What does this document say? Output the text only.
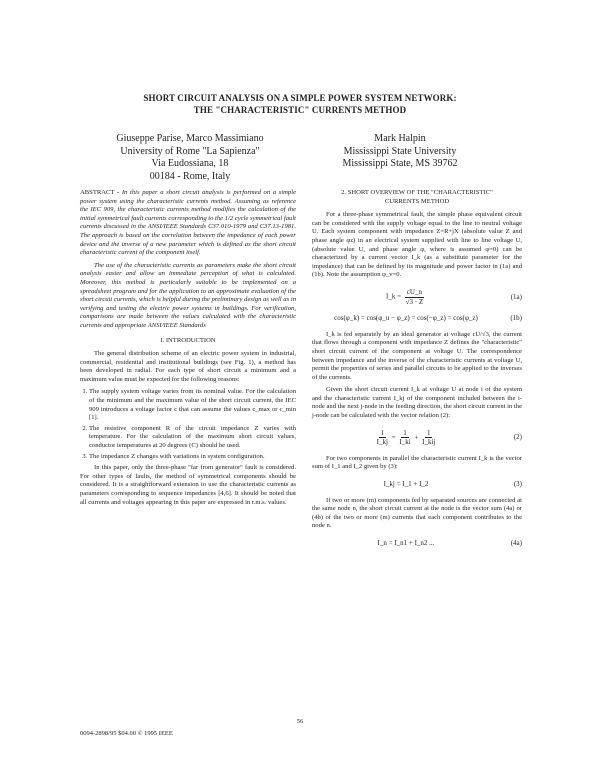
SHORT CIRCUIT ANALYSIS ON A SIMPLE POWER SYSTEM NETWORK:
THE "CHARACTERISTIC" CURRENTS METHOD
Giuseppe Parise, Marco Massimiano
University of Rome "La Sapienza"
Via Eudossiana, 18
00184 - Rome, Italy
Mark Halpin
Mississippi State University
Mississippi State, MS 39762

ABSTRACT - In this paper a short circuit analysis is performed on a simple power system using the characteristic currents method. Assuming as reference the IEC 909, the characteristic currents method modifies the calculation of the initial symmetrical fault currents corresponding to the 1/2 cycle symmetrical fault currents discussed in the ANSI/IEEE Standards C37.010-1979 and C37.13-1981. The approach is based on the correlation between the impedance of each power device and the inverse of a new parameter which is defined as the short circuit characteristic current of the component itself.

The use of the characteristic currents as parameters make the short circuit analysis easier and allow an immediate perception of what is calculated. Moreover, this method is particularly suitable to be implemented on a spreadsheet program and for the application to an approximate evaluation of the short circuit currents, which is helpful during the preliminary design as well as in verifying and testing the electric power systems in buildings. For verification, comparisons are made between the values calculated with the characteristic currents and appropriate ANSI/IEEE Standards

I. INTRODUCTION

The general distribution scheme of an electric power system in industrial, commercial, residential and institutional buildings (see Fig. 1), a method has been developed in radial. For each type of short circuit a minimum and a maximum value must be expected for the following reasons:

1. The supply system voltage varies from its nominal value. For the calculation of the minimum and the maximum value of the short circuit current, the IEC 909 introduces a voltage factor c that can assume the values c_max or c_min [1].
2. The resistive component R of the circuit impedance Z varies with temperature. For the calculation of the maximum short circuit values, conductor temperatures at 20 degrees (C) should be used.
3. The impedance Z changes with variations in system configuration.

In this paper, only the three-phase "far from generator" fault is considered. For other types of faults, the method of symmetrical components should be considered. It is a straightforward extension to use the characteristic currents as parameters corresponding to sequence impedances [4,6]. It should be noted that all currents and voltages appearing in this paper are expressed in r.m.s. values.

2. SHORT OVERVIEW OF THE "CHARACTERISTIC"
CURRENTS METHOD

For a three-phase symmetrical fault, the simple phase equivalent circuit can be considered with the supply voltage equal to the line to neutral voltage U. Each system component with impedance Z=R+jX (absolute value Z and phase angle φz) in an electrical system supplied with line to line voltage U, (absolute value U, and phase angle φ, where is assumed φ=0) can be characterized by a current vector I_k (as a substitute parameter for the impedance) that can be defined by its magnitude and power factor in (1a) and (1b). Note the assumption φ_v=0.

I_k = $\frac{cU\_n}{√3 \cdot Z}$	(1a)
cos(φ_k) = cos(φ_u − φ_z) = cos(−φ_z) = cos(φ_z)	(1b)

I_k is fed separately by an ideal generator at voltage cU/√3, the current that flows through a component with impedance Z defines the "characteristic" short circuit current of the component at voltage U. The correspondence between impedance and the inverse of the characteristic currents at voltage U, permit the properties of series and parallel circuits to be applied to the inverses of the currents.

Given the short circuit current I_k at voltage U at node i of the system and the characteristic current I_kj of the component included between the i-node and the next j-node in the feeding direction, the short circuit current in the j-node can be calculated with the vector relation (2):

$\frac{1}{I\_kj} = \frac{1}{I\_ki} + \frac{1}{\text{I\_kij}}$	(2)

For two components in parallel the characteristic current I_k is the vector sum of I_1 and I_2 given by (3):

I_kj = I_1 + I_2	(3)

If two or more (m) components fed by separated sources are connected at the same node n, the short circuit current at the node is the vector sum (4a) or (4b) of the two or more (m) currents that each component contributes to the node n.

I_n = I_n1 + I_n2 ...	(4a)
56
0094-2898/95 $04.00 © 1995 IEEE
